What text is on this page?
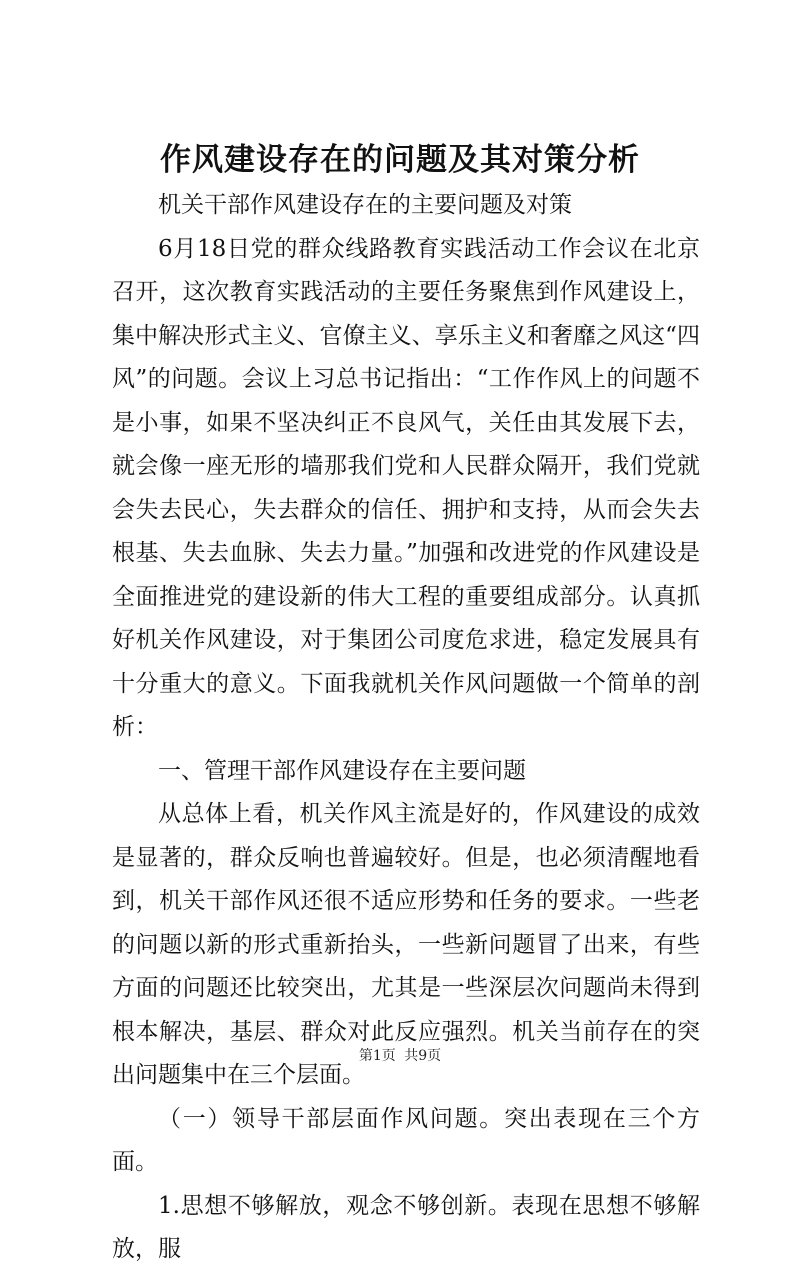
作风建设存在的问题及其对策分析

机关干部作风建设存在的主要问题及对策

6月18日党的群众线路教育实践活动工作会议在北京召开，这次教育实践活动的主要任务聚焦到作风建设上，集中解决形式主义、官僚主义、享乐主义和奢靡之风这“四风”的问题。会议上习总书记指出：“工作作风上的问题不是小事，如果不坚决纠正不良风气，关任由其发展下去，就会像一座无形的墙那我们党和人民群众隔开，我们党就会失去民心，失去群众的信任、拥护和支持，从而会失去根基、失去血脉、失去力量。”加强和改进党的作风建设是全面推进党的建设新的伟大工程的重要组成部分。认真抓好机关作风建设，对于集团公司度危求进，稳定发展具有十分重大的意义。下面我就机关作风问题做一个简单的剖析：

一、管理干部作风建设存在主要问题

从总体上看，机关作风主流是好的，作风建设的成效是显著的，群众反响也普遍较好。但是，也必须清醒地看到，机关干部作风还很不适应形势和任务的要求。一些老的问题以新的形式重新抬头，一些新问题冒了出来，有些方面的问题还比较突出，尤其是一些深层次问题尚未得到根本解决，基层、群众对此反应强烈。机关当前存在的突出问题集中在三个层面。

（一）领导干部层面作风问题。突出表现在三个方面。

1.思想不够解放，观念不够创新。表现在思想不够解放，服

第1页 共9页
